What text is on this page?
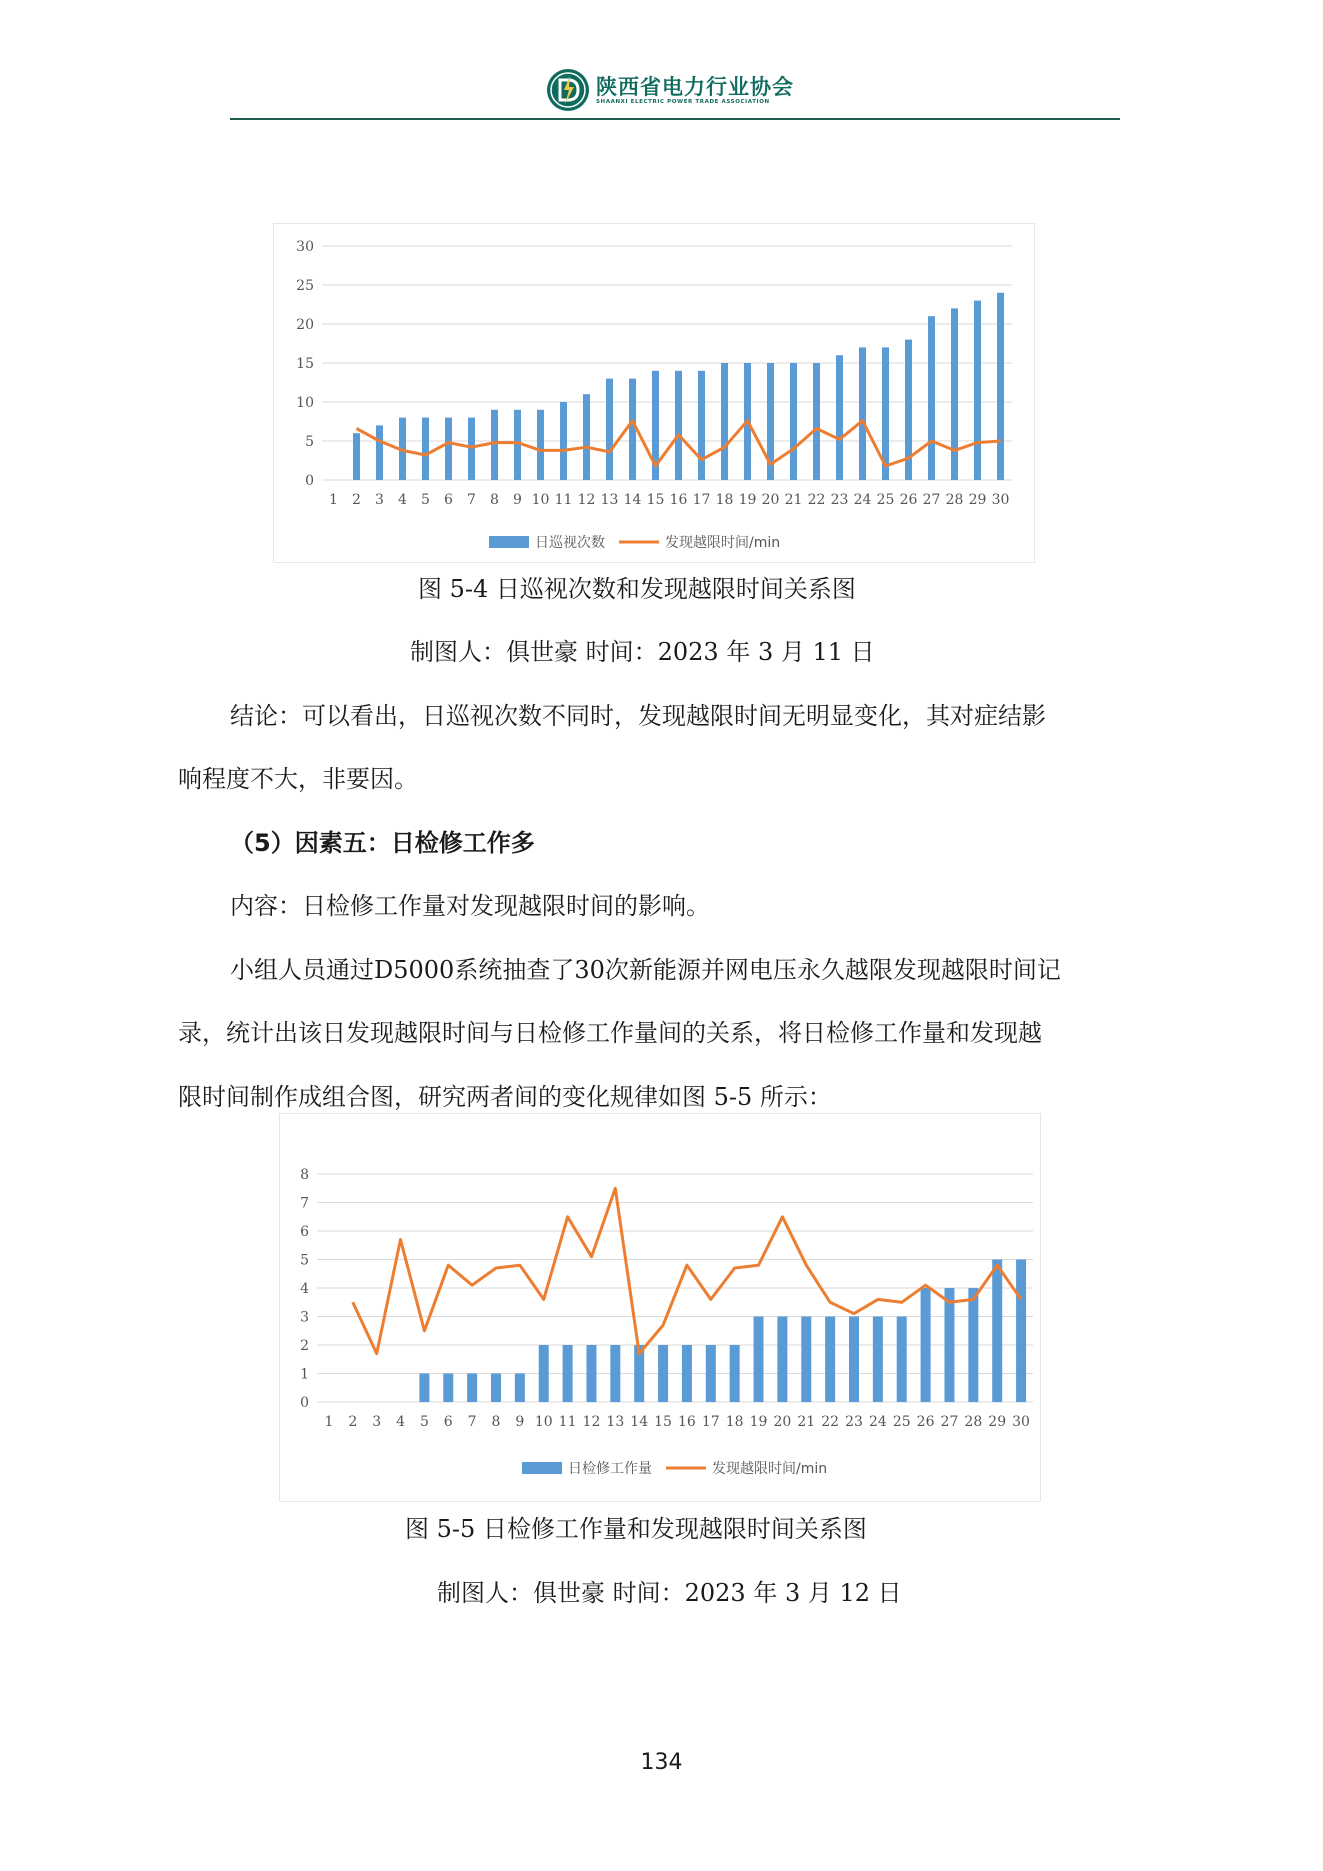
陕西省电力行业协会
SHAANXI ELECTRIC POWER TRADE ASSOCIATION
0
5
10
15
20
25
30
1 2 3 4 5 6 7 8 9 10 11 12 13 14 15 16 17 18 19 20 21 22 23 24 25 26 27 28 29 30
日巡视次数	发现越限时间/min
图 5-4 日巡视次数和发现越限时间关系图
制图人：俱世豪 时间：2023 年 3 月 11 日
结论：可以看出，日巡视次数不同时，发现越限时间无明显变化，其对症结影
响程度不大，非要因。
（5）因素五：日检修工作多
内容：日检修工作量对发现越限时间的影响。
小组人员通过D5000系统抽查了30次新能源并网电压永久越限发现越限时间记
录，统计出该日发现越限时间与日检修工作量间的关系，将日检修工作量和发现越
限时间制作成组合图，研究两者间的变化规律如图 5-5 所示：
0
1
2
3
4
5
6
7
8
1 2 3 4 5 6 7 8 9 10 11 12 13 14 15 16 17 18 19 20 21 22 23 24 25 26 27 28 29 30
日检修工作量	发现越限时间/min
图 5-5 日检修工作量和发现越限时间关系图
制图人：俱世豪 时间：2023 年 3 月 12 日
134
